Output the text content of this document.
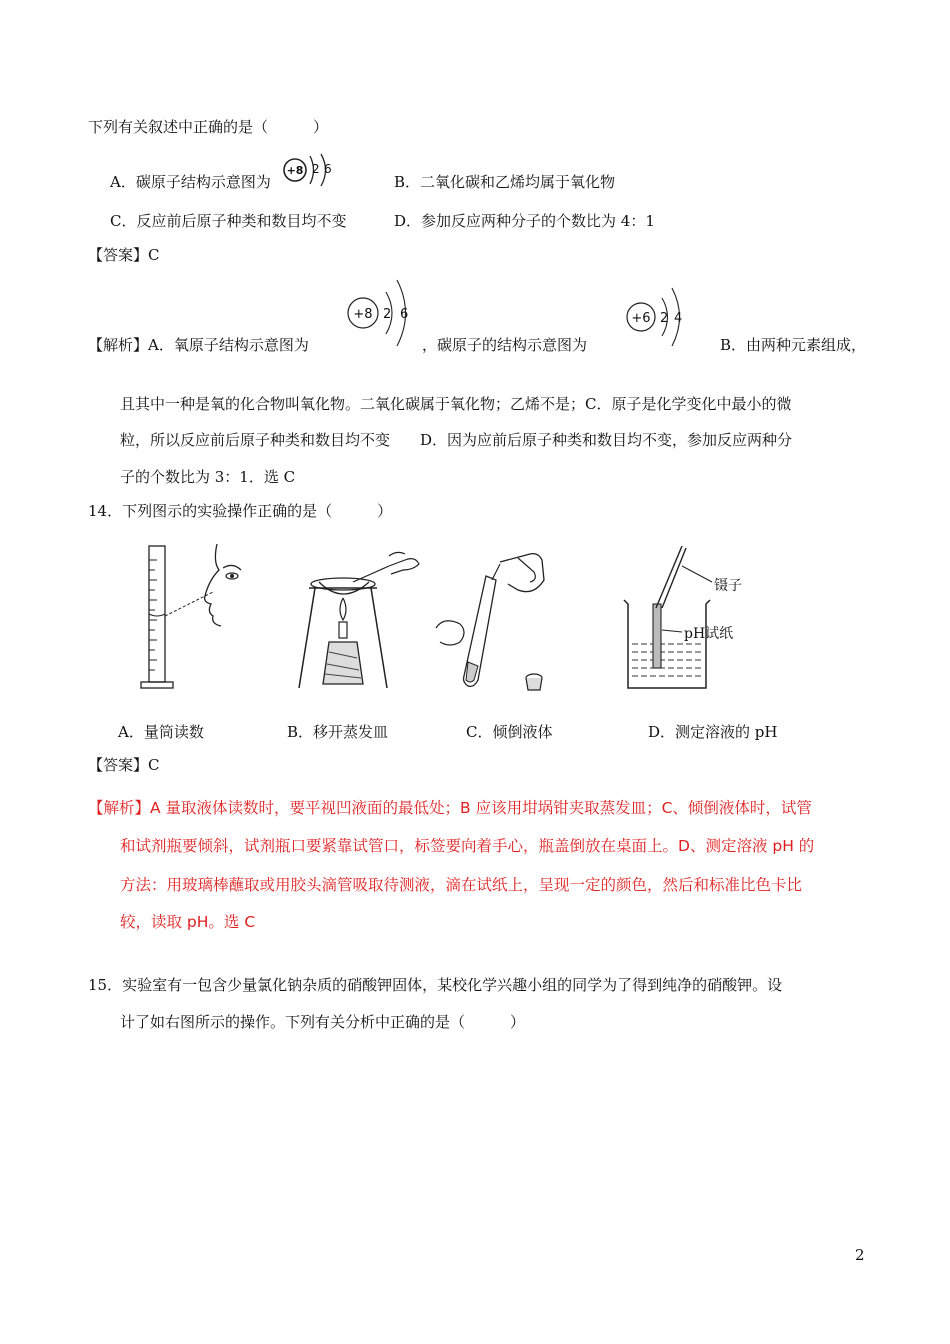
下列有关叙述中正确的是（　　　）
A．碳原子结构示意图为
+8 2 6
B．二氧化碳和乙烯均属于氧化物
C．反应前后原子种类和数目均不变	D．参加反应两种分子的个数比为 4：1
【答案】C
【解析】A．氧原子结构示意图为
+8 2 6
，碳原子的结构示意图为
+6 2 4
B．由两种元素组成，
且其中一种是氧的化合物叫氧化物。二氧化碳属于氧化物；乙烯不是；C．原子是化学变化中最小的微
粒，所以反应前后原子种类和数目均不变　　D．因为应前后原子种类和数目均不变，参加反应两种分
子的个数比为 3：1．选 C
14．下列图示的实验操作正确的是（　　　）
镊子
pH试纸
A．量筒读数	B．移开蒸发皿	C．倾倒液体	D．测定溶液的 pH
【答案】C
【解析】A 量取液体读数时，要平视凹液面的最低处；B 应该用坩埚钳夹取蒸发皿；C、倾倒液体时，试管
和试剂瓶要倾斜，试剂瓶口要紧靠试管口，标签要向着手心，瓶盖倒放在桌面上。D、测定溶液 pH 的
方法：用玻璃棒蘸取或用胶头滴管吸取待测液，滴在试纸上，呈现一定的颜色，然后和标准比色卡比
较，读取 pH。选 C
15．实验室有一包含少量氯化钠杂质的硝酸钾固体，某校化学兴趣小组的同学为了得到纯净的硝酸钾。设
计了如右图所示的操作。下列有关分析中正确的是（　　　）
2
